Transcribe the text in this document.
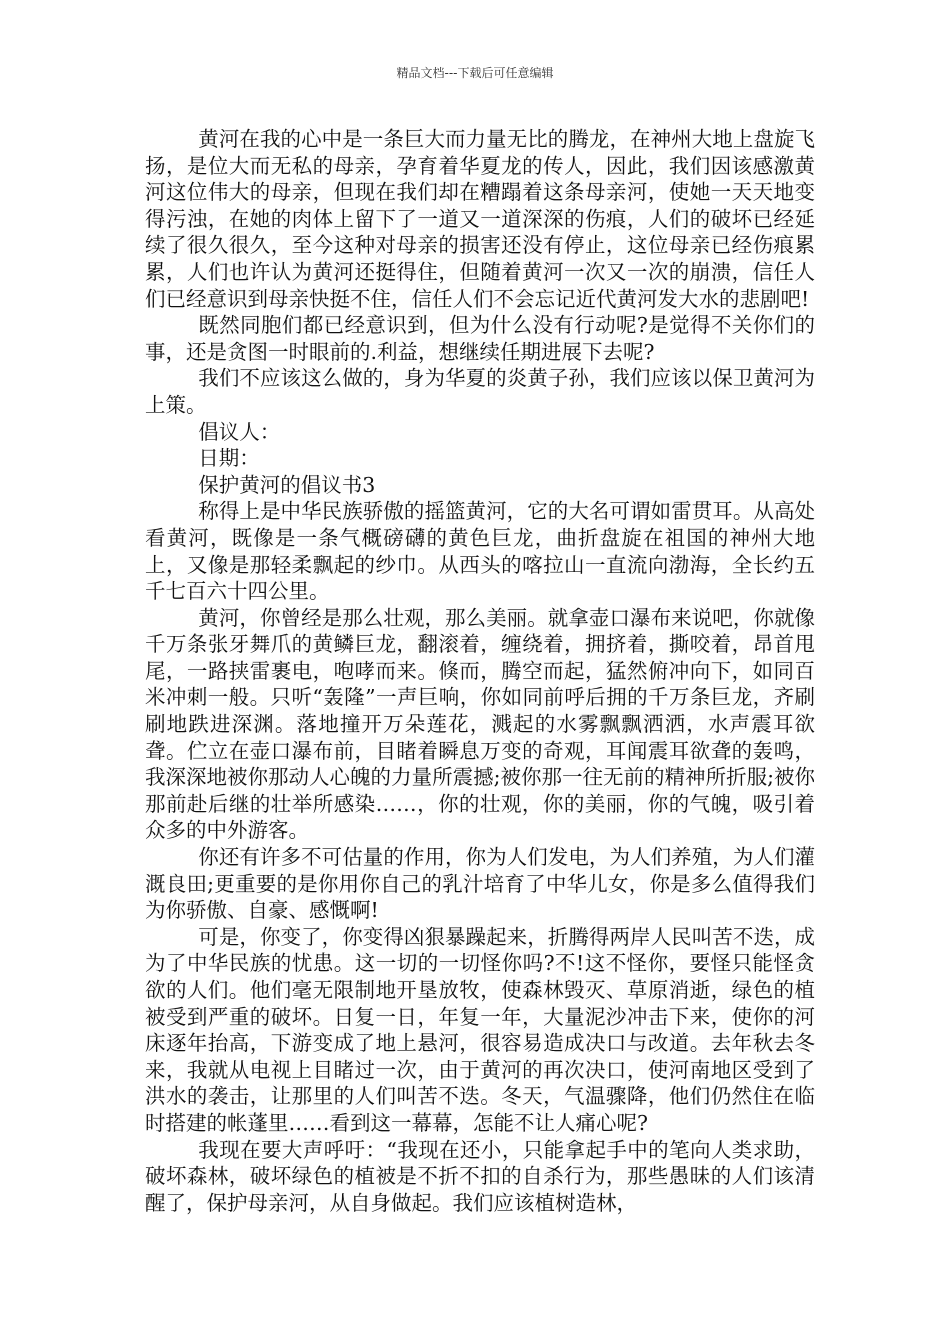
精品文档---下载后可任意编辑

黄河在我的心中是一条巨大而力量无比的腾龙，在神州大地上盘旋飞扬，是位大而无私的母亲，孕育着华夏龙的传人，因此，我们因该感激黄河这位伟大的母亲，但现在我们却在糟蹋着这条母亲河，使她一天天地变得污浊，在她的肉体上留下了一道又一道深深的伤痕，人们的破坏已经延续了很久很久，至今这种对母亲的损害还没有停止，这位母亲已经伤痕累累，人们也许认为黄河还挺得住，但随着黄河一次又一次的崩溃，信任人们已经意识到母亲快挺不住，信任人们不会忘记近代黄河发大水的悲剧吧!

既然同胞们都已经意识到，但为什么没有行动呢?是觉得不关你们的事，还是贪图一时眼前的.利益，想继续任期进展下去呢?

我们不应该这么做的，身为华夏的炎黄子孙，我们应该以保卫黄河为上策。

倡议人：

日期：

保护黄河的倡议书3

称得上是中华民族骄傲的摇篮黄河，它的大名可谓如雷贯耳。从高处看黄河，既像是一条气概磅礴的黄色巨龙，曲折盘旋在祖国的神州大地上，又像是那轻柔飘起的纱巾。从西头的喀拉山一直流向渤海，全长约五千七百六十四公里。

黄河，你曾经是那么壮观，那么美丽。就拿壶口瀑布来说吧，你就像千万条张牙舞爪的黄鳞巨龙，翻滚着，缠绕着，拥挤着，撕咬着，昂首甩尾，一路挟雷裹电，咆哮而来。倏而，腾空而起，猛然俯冲向下，如同百米冲刺一般。只听“轰隆”一声巨响，你如同前呼后拥的千万条巨龙，齐刷刷地跌进深渊。落地撞开万朵莲花，溅起的水雾飘飘洒洒，水声震耳欲聋。伫立在壶口瀑布前，目睹着瞬息万变的奇观，耳闻震耳欲聋的轰鸣，我深深地被你那动人心魄的力量所震撼;被你那一往无前的精神所折服;被你那前赴后继的壮举所感染……，你的壮观，你的美丽，你的气魄，吸引着众多的中外游客。

你还有许多不可估量的作用，你为人们发电，为人们养殖，为人们灌溉良田;更重要的是你用你自己的乳汁培育了中华儿女，你是多么值得我们为你骄傲、自豪、感慨啊!

可是，你变了，你变得凶狠暴躁起来，折腾得两岸人民叫苦不迭，成为了中华民族的忧患。这一切的一切怪你吗?不!这不怪你，要怪只能怪贪欲的人们。他们毫无限制地开垦放牧，使森林毁灭、草原消逝，绿色的植被受到严重的破坏。日复一日，年复一年，大量泥沙冲击下来，使你的河床逐年抬高，下游变成了地上悬河，很容易造成决口与改道。去年秋去冬来，我就从电视上目睹过一次，由于黄河的再次决口，使河南地区受到了洪水的袭击，让那里的人们叫苦不迭。冬天，气温骤降，他们仍然住在临时搭建的帐蓬里……看到这一幕幕，怎能不让人痛心呢?

我现在要大声呼吁：“我现在还小，只能拿起手中的笔向人类求助，破坏森林，破坏绿色的植被是不折不扣的自杀行为，那些愚昧的人们该清醒了，保护母亲河，从自身做起。我们应该植树造林，
